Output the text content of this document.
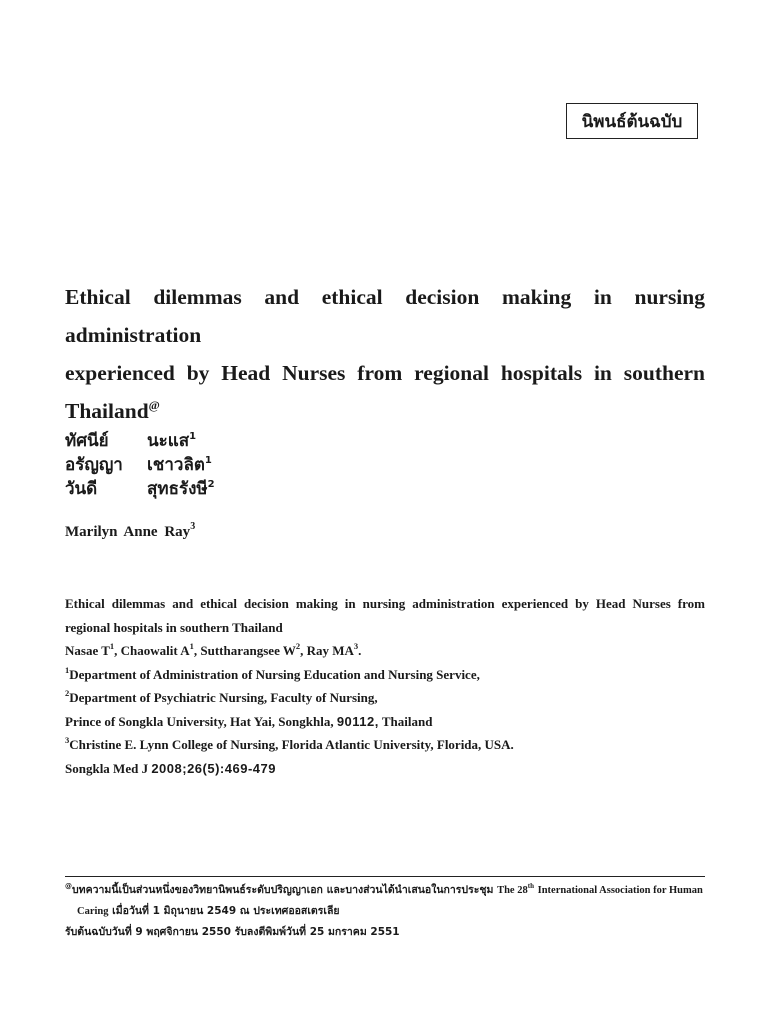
นิพนธ์ต้นฉบับ
Ethical dilemmas and ethical decision making in nursing administration
experienced by Head Nurses from regional hospitals in southern
Thailand@
ทัศนีย์	นะแส$^1$
อรัญญา	เชาวลิต$^1$
วันดี	สุทธรังษี$^2$
Marilyn Anne Ray$^3$

Ethical dilemmas and ethical decision making in nursing administration experienced by Head Nurses from

regional hospitals in southern Thailand

Nasae $T^1$, Chaowalit $A^1$, Suttharangsee $W^2$, Ray $MA^3$.

$^1$Department of Administration of Nursing Education and Nursing Service,

$^2$Department of Psychiatric Nursing, Faculty of Nursing,

Prince of Songkla University, Hat Yai, Songkhla, 90112, Thailand

$^3$Christine E. Lynn College of Nursing, Florida Atlantic University, Florida, USA.

Songkla Med J 2008;26(5):469-479

@บทความนี้เป็นส่วนหนึ่งของวิทยานิพนธ์ระดับปริญญาเอก และบางส่วนได้นำเสนอในการประชุม The 28th International Association for Human

Caring เมื่อวันที่ 1 มิถุนายน 2549 ณ ประเทศออสเตรเลีย

รับต้นฉบับวันที่ 9 พฤศจิกายน 2550 รับลงตีพิมพ์วันที่ 25 มกราคม 2551
